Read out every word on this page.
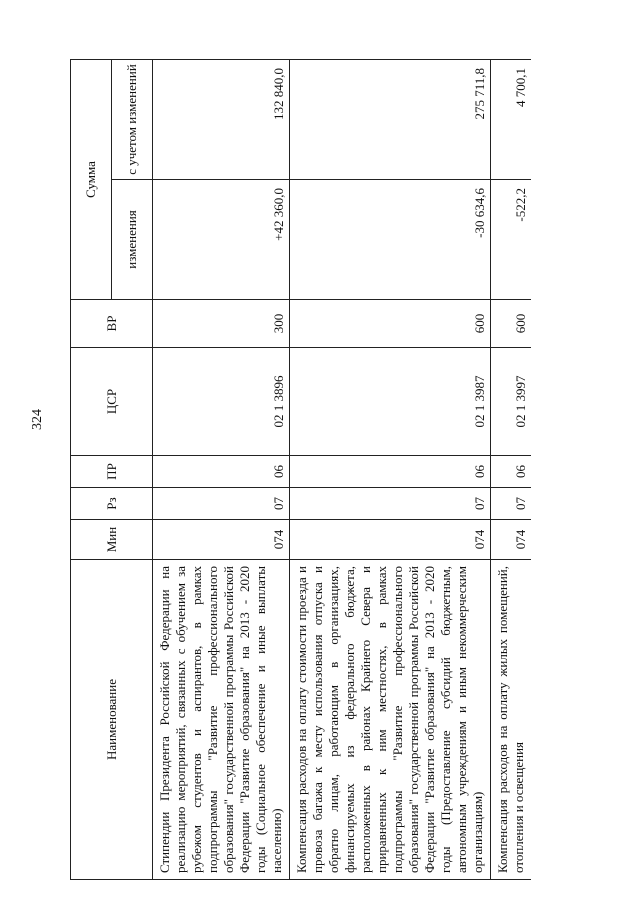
324
Наименование	Мин	Рз	ПР	ЦСР	ВР	Сумма	
						изменения	с учетом изменений
Стипендии Президента Российской Федерации на реализацию мероприятий, связанных с обучением за рубежом студентов и аспирантов, в рамках подпрограммы "Развитие профессионального образования" государственной программы Российской Федерации "Развитие образования" на 2013 - 2020 годы (Социальное обеспечение и иные выплаты населению)	074	07	06	02 1 3896	300	+42 360,0	132 840,0
Компенсация расходов на оплату стоимости проезда и провоза багажа к месту использования отпуска и обратно лицам, работающим в организациях, финансируемых из федерального бюджета, расположенных в районах Крайнего Севера и приравненных к ним местностях, в рамках подпрограммы "Развитие профессионального образования" государственной программы Российской Федерации "Развитие образования" на 2013 - 2020 годы (Предоставление субсидий бюджетным, автономным учреждениям и иным некоммерческим организациям)	074	07	06	02 1 3987	600	-30 634,6	275 711,8
Компенсация расходов на оплату жилых помещений, отопления и освещения	074	07	06	02 1 3997	600	-522,2	4 700,1
